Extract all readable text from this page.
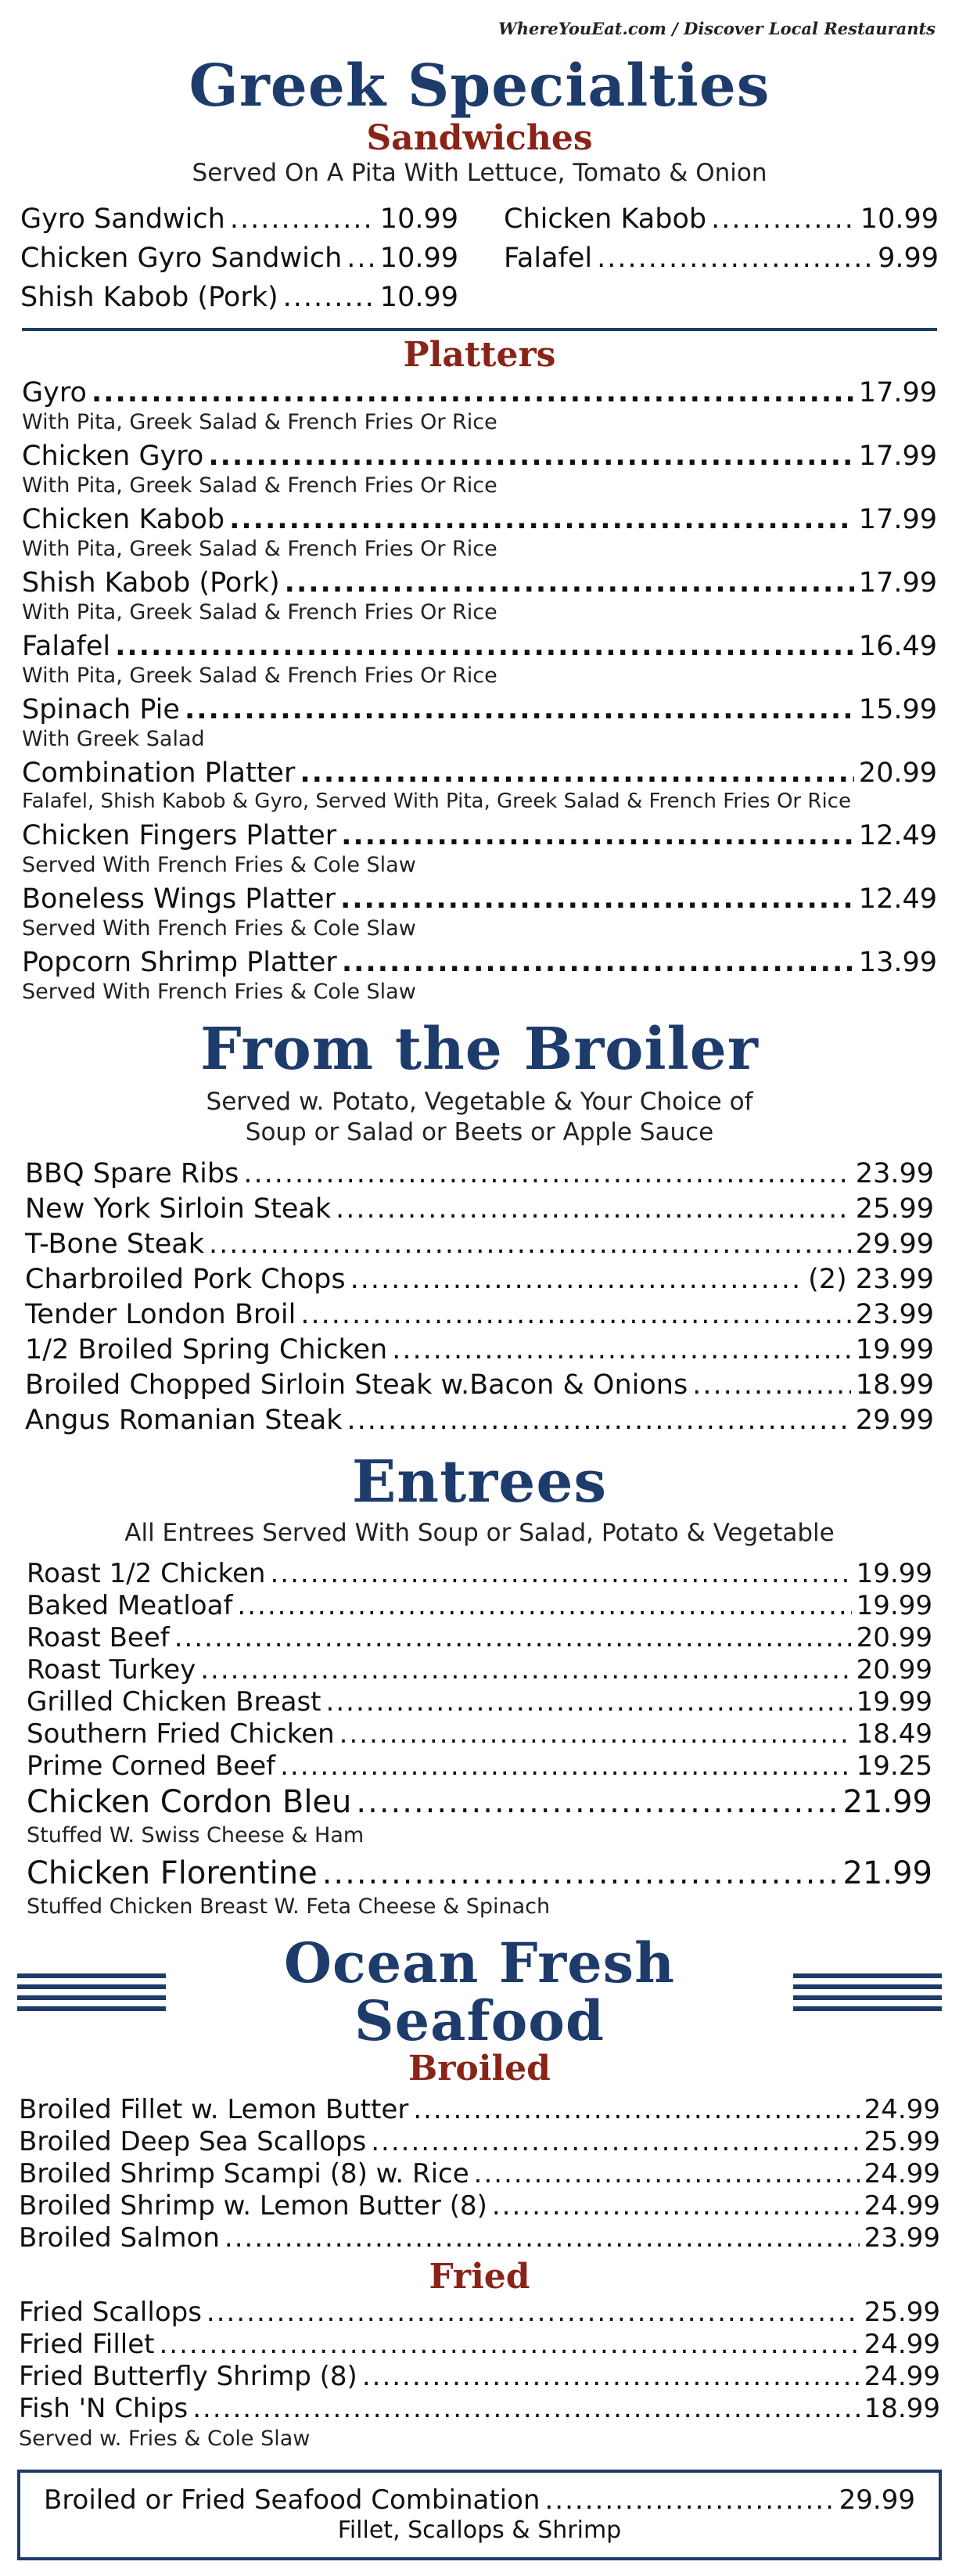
WhereYouEat.com / Discover Local Restaurants
Greek Specialties
Sandwiches
Served On A Pita With Lettuce, Tomato & Onion
Gyro Sandwich .....	10.99
Chicken Gyro Sandwich ..... 10.99
Shish Kabob (Pork) .....	10.99
Chicken Kabob .....	10.99
Falafel .....	9.99
Platters
Gyro .....	17.99
With Pita, Greek Salad & French Fries Or Rice
Chicken Gyro .....	17.99
With Pita, Greek Salad & French Fries Or Rice
Chicken Kabob .....	17.99
With Pita, Greek Salad & French Fries Or Rice
Shish Kabob (Pork) .....	17.99
With Pita, Greek Salad & French Fries Or Rice
Falafel .....	16.49
With Pita, Greek Salad & French Fries Or Rice
Spinach Pie .....	15.99
With Greek Salad
Combination Platter .....	20.99
Falafel, Shish Kabob & Gyro, Served With Pita, Greek Salad & French Fries Or Rice
Chicken Fingers Platter .....	12.49
Served With French Fries & Cole Slaw
Boneless Wings Platter .....	12.49
Served With French Fries & Cole Slaw
Popcorn Shrimp Platter .....	13.99
Served With French Fries & Cole Slaw
From the Broiler
Served w. Potato, Vegetable & Your Choice of
Soup or Salad or Beets or Apple Sauce
BBQ Spare Ribs .....	23.99
New York Sirloin Steak .....	25.99
T-Bone Steak .....	29.99
Charbroiled Pork Chops .....	(2) 23.99
Tender London Broil .....	23.99
1/2 Broiled Spring Chicken .....	19.99
Broiled Chopped Sirloin Steak w.Bacon & Onions .....	18.99
Angus Romanian Steak .....	29.99
Entrees
All Entrees Served With Soup or Salad, Potato & Vegetable
Roast 1/2 Chicken .....	19.99
Baked Meatloaf .....	19.99
Roast Beef .....	20.99
Roast Turkey .....	20.99
Grilled Chicken Breast .....	19.99
Southern Fried Chicken .....	18.49
Prime Corned Beef .....	19.25
Chicken Cordon Bleu .....	21.99
Stuffed W. Swiss Cheese & Ham
Chicken Florentine .....	21.99
Stuffed Chicken Breast W. Feta Cheese & Spinach
Ocean Fresh Seafood
Broiled
Broiled Fillet w. Lemon Butter .....	24.99
Broiled Deep Sea Scallops .....	25.99
Broiled Shrimp Scampi (8) w. Rice .....	24.99
Broiled Shrimp w. Lemon Butter (8) .....	24.99
Broiled Salmon .....	23.99
Fried
Fried Scallops .....	25.99
Fried Fillet .....	24.99
Fried Butterfly Shrimp (8) .....	24.99
Fish 'N Chips .....	18.99
Served w. Fries & Cole Slaw
Broiled or Fried Seafood Combination .....	29.99
Fillet, Scallops & Shrimp
